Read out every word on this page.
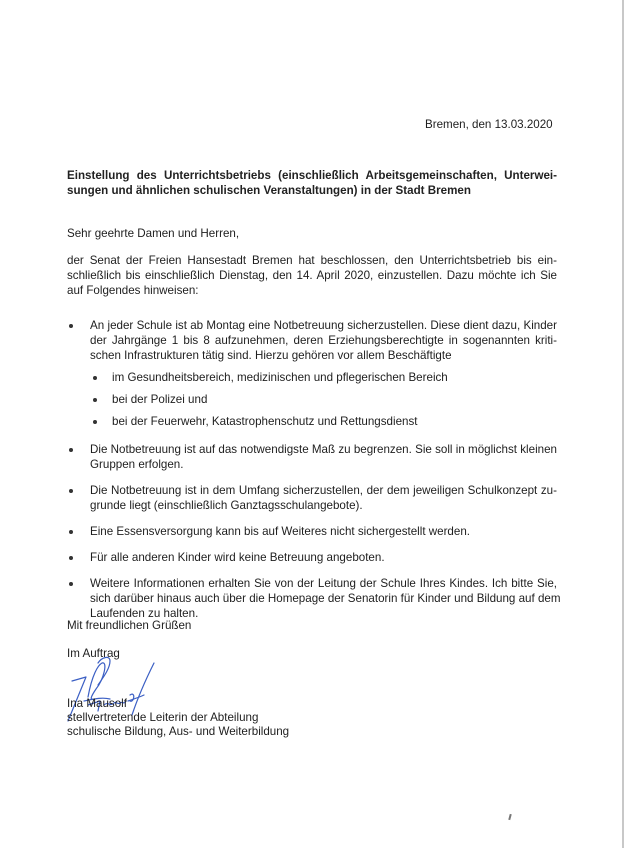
Bremen, den 13.03.2020
Einstellung des Unterrichtsbetriebs (einschließlich Arbeitsgemeinschaften, Unterwei-
sungen und ähnlichen schulischen Veranstaltungen) in der Stadt Bremen
Sehr geehrte Damen und Herren,
der Senat der Freien Hansestadt Bremen hat beschlossen, den Unterrichtsbetrieb bis ein-
schließlich bis einschließlich Dienstag, den 14. April 2020, einzustellen. Dazu möchte ich Sie
auf Folgendes hinweisen:
An jeder Schule ist ab Montag eine Notbetreuung sicherzustellen. Diese dient dazu, Kinder
der Jahrgänge 1 bis 8 aufzunehmen, deren Erziehungsberechtigte in sogenannten kriti-
schen Infrastrukturen tätig sind. Hierzu gehören vor allem Beschäftigte
im Gesundheitsbereich, medizinischen und pflegerischen Bereich
bei der Polizei und
bei der Feuerwehr, Katastrophenschutz und Rettungsdienst
Die Notbetreuung ist auf das notwendigste Maß zu begrenzen. Sie soll in möglichst kleinen
Gruppen erfolgen.
Die Notbetreuung ist in dem Umfang sicherzustellen, der dem jeweiligen Schulkonzept zu-
grunde liegt (einschließlich Ganztagsschulangebote).
Eine Essensversorgung kann bis auf Weiteres nicht sichergestellt werden.
Für alle anderen Kinder wird keine Betreuung angeboten.
Weitere Informationen erhalten Sie von der Leitung der Schule Ihres Kindes. Ich bitte Sie,
sich darüber hinaus auch über die Homepage der Senatorin für Kinder und Bildung auf dem
Laufenden zu halten.
Mit freundlichen Grüßen
Im Auftrag
Ina Mausolf
stellvertretende Leiterin der Abteilung
schulische Bildung, Aus- und Weiterbildung
